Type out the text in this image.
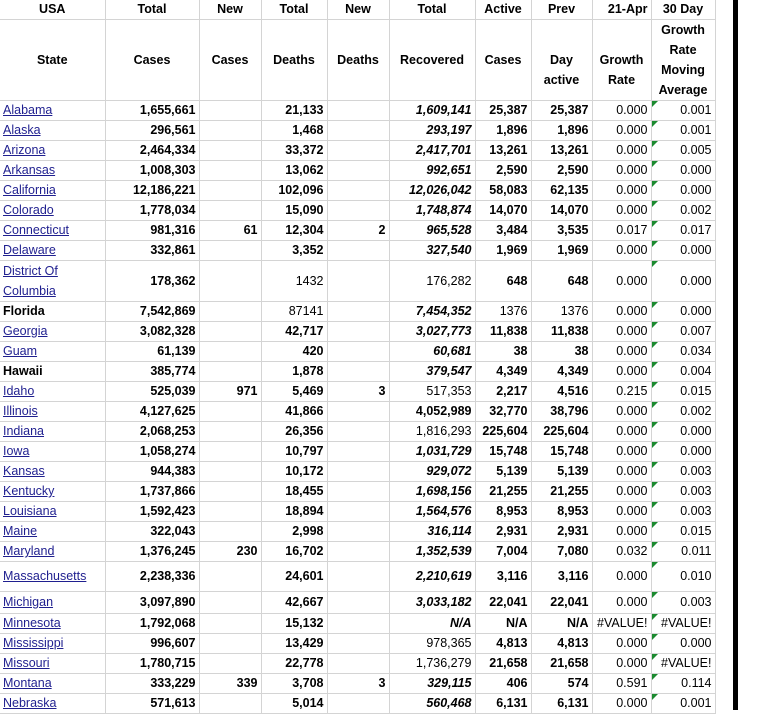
USA	Total	New	Total	New	Total	Active	Prev	21-Apr	30 Day
State	Cases	Cases	Deaths	Deaths	Recovered	Cases	Day active	Growth Rate	Growth Rate Moving Average
Alabama	1,655,661		21,133		1,609,141	25,387	25,387	0.000	0.001
Alaska	296,561		1,468		293,197	1,896	1,896	0.000	0.001
Arizona	2,464,334		33,372		2,417,701	13,261	13,261	0.000	0.005
Arkansas	1,008,303		13,062		992,651	2,590	2,590	0.000	0.000
California	12,186,221		102,096		12,026,042	58,083	62,135	0.000	0.000
Colorado	1,778,034		15,090		1,748,874	14,070	14,070	0.000	0.002
Connecticut	981,316	61	12,304	2	965,528	3,484	3,535	0.017	0.017
Delaware	332,861		3,352		327,540	1,969	1,969	0.000	0.000
District Of Columbia	178,362		1432		176,282	648	648	0.000	0.000
Florida	7,542,869		87141		7,454,352	1376	1376	0.000	0.000
Georgia	3,082,328		42,717		3,027,773	11,838	11,838	0.000	0.007
Guam	61,139		420		60,681	38	38	0.000	0.034
Hawaii	385,774		1,878		379,547	4,349	4,349	0.000	0.004
Idaho	525,039	971	5,469	3	517,353	2,217	4,516	0.215	0.015
Illinois	4,127,625		41,866		4,052,989	32,770	38,796	0.000	0.002
Indiana	2,068,253		26,356		1,816,293	225,604	225,604	0.000	0.000
Iowa	1,058,274		10,797		1,031,729	15,748	15,748	0.000	0.000
Kansas	944,383		10,172		929,072	5,139	5,139	0.000	0.003
Kentucky	1,737,866		18,455		1,698,156	21,255	21,255	0.000	0.003
Louisiana	1,592,423		18,894		1,564,576	8,953	8,953	0.000	0.003
Maine	322,043		2,998		316,114	2,931	2,931	0.000	0.015
Maryland	1,376,245	230	16,702		1,352,539	7,004	7,080	0.032	0.011
Massachusetts	2,238,336		24,601		2,210,619	3,116	3,116	0.000	0.010
Michigan	3,097,890		42,667		3,033,182	22,041	22,041	0.000	0.003
Minnesota	1,792,068		15,132		N/A	N/A	N/A	#VALUE!	#VALUE!
Mississippi	996,607		13,429		978,365	4,813	4,813	0.000	0.000
Missouri	1,780,715		22,778		1,736,279	21,658	21,658	0.000	#VALUE!
Montana	333,229	339	3,708	3	329,115	406	574	0.591	0.114
Nebraska	571,613		5,014		560,468	6,131	6,131	0.000	0.001
